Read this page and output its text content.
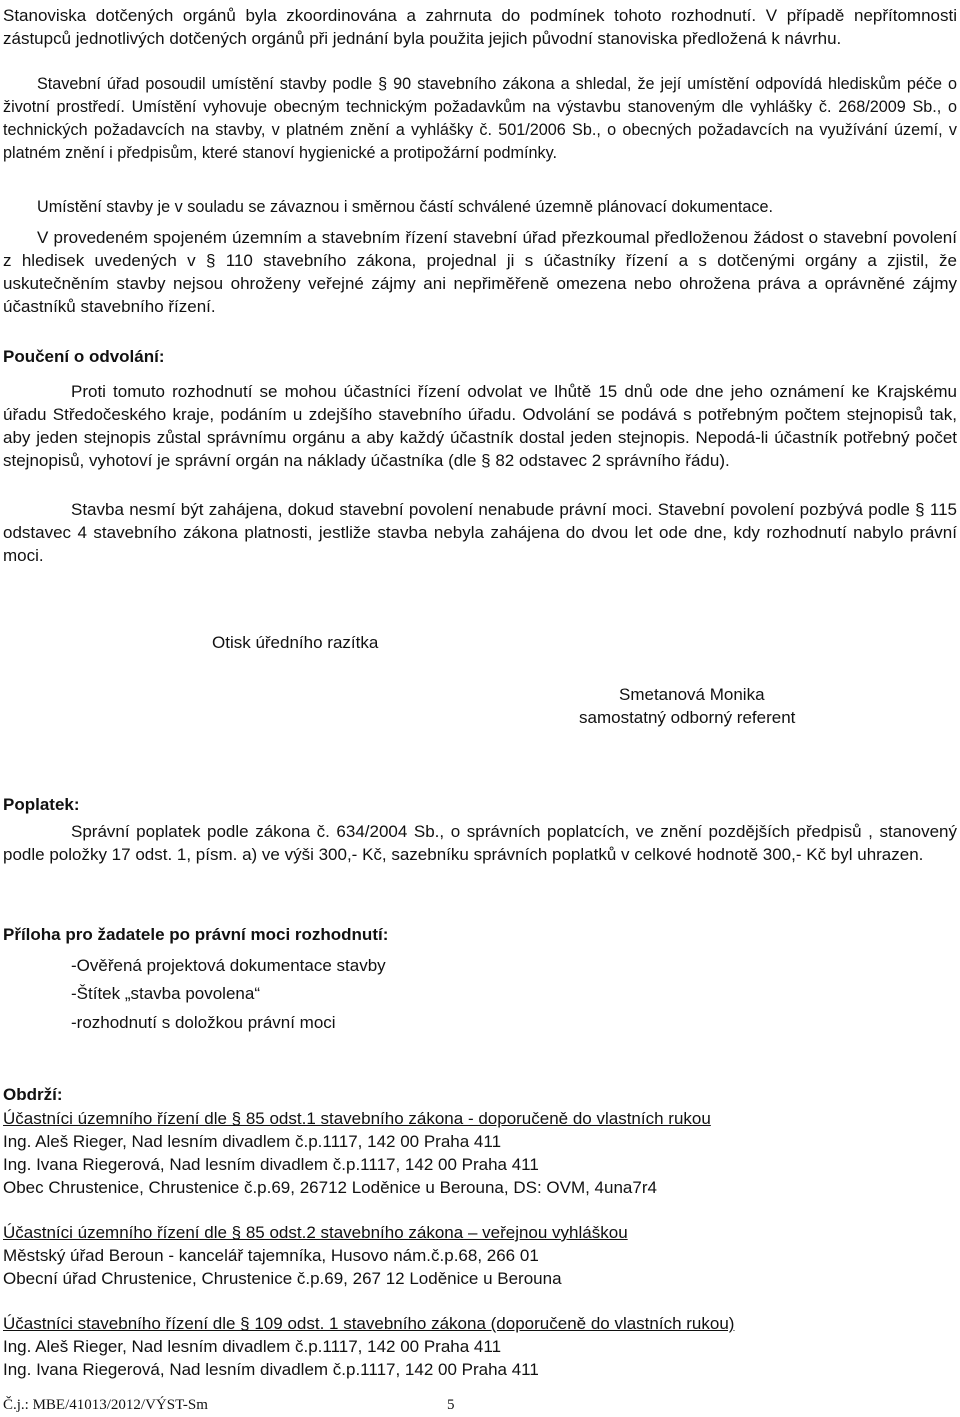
Stanoviska dotčených orgánů byla zkoordinována a zahrnuta do podmínek tohoto rozhodnutí. V případě nepřítomnosti zástupců jednotlivých dotčených orgánů při jednání byla použita jejich původní stanoviska předložená k návrhu.

Stavební úřad posoudil umístění stavby podle § 90 stavebního zákona a shledal, že její umístění odpovídá hlediskům péče o životní prostředí. Umístění vyhovuje obecným technickým požadavkům na výstavbu stanoveným dle vyhlášky č. 268/2009 Sb., o technických požadavcích na stavby, v platném znění a vyhlášky č. 501/2006 Sb., o obecných požadavcích na využívání území, v platném znění i předpisům, které stanoví hygienické a protipožární podmínky.

Umístění stavby je v souladu se závaznou i směrnou částí schválené územně plánovací dokumentace.

V provedeném spojeném územním a stavebním řízení stavební úřad přezkoumal předloženou žádost o stavební povolení z hledisek uvedených v § 110 stavebního zákona, projednal ji s účastníky řízení a s dotčenými orgány a zjistil, že uskutečněním stavby nejsou ohroženy veřejné zájmy ani nepřiměřeně omezena nebo ohrožena práva a oprávněné zájmy účastníků stavebního řízení.

Poučení o odvolání:

Proti tomuto rozhodnutí se mohou účastníci řízení odvolat ve lhůtě 15 dnů ode dne jeho oznámení ke Krajskému úřadu Středočeského kraje, podáním u zdejšího stavebního úřadu. Odvolání se podává s potřebným počtem stejnopisů tak, aby jeden stejnopis zůstal správnímu orgánu a aby každý účastník dostal jeden stejnopis. Nepodá-li účastník potřebný počet stejnopisů, vyhotoví je správní orgán na náklady účastníka (dle § 82 odstavec 2 správního řádu).

Stavba nesmí být zahájena, dokud stavební povolení nenabude právní moci. Stavební povolení pozbývá podle § 115 odstavec 4 stavebního zákona platnosti, jestliže stavba nebyla zahájena do dvou let ode dne, kdy rozhodnutí nabylo právní moci.

Otisk úředního razítka
Smetanová Monika
samostatný odborný referent
Poplatek:

Správní poplatek podle zákona č. 634/2004 Sb., o správních poplatcích, ve znění pozdějších předpisů , stanovený podle položky 17 odst. 1, písm. a) ve výši 300,- Kč, sazebníku správních poplatků v celkové hodnotě 300,- Kč byl uhrazen.

Příloha pro žadatele po právní moci rozhodnutí:
-Ověřená projektová dokumentace stavby
-Štítek „stavba povolena“
-rozhodnutí s doložkou právní moci
Obdrží:
Účastníci územního řízení dle § 85 odst.1 stavebního zákona - doporučeně do vlastních rukou
Ing. Aleš Rieger, Nad lesním divadlem č.p.1117, 142 00 Praha 411
Ing. Ivana Riegerová, Nad lesním divadlem č.p.1117, 142 00 Praha 411
Obec Chrustenice, Chrustenice č.p.69, 26712 Loděnice u Berouna, DS: OVM, 4una7r4
Účastníci územního řízení dle § 85 odst.2 stavebního zákona – veřejnou vyhláškou
Městský úřad Beroun - kancelář tajemníka, Husovo nám.č.p.68, 266 01
Obecní úřad Chrustenice, Chrustenice č.p.69, 267 12 Loděnice u Berouna
Účastníci stavebního řízení dle § 109 odst. 1 stavebního zákona (doporučeně do vlastních rukou)
Ing. Aleš Rieger, Nad lesním divadlem č.p.1117, 142 00 Praha 411
Ing. Ivana Riegerová, Nad lesním divadlem č.p.1117, 142 00 Praha 411
Č.j.: MBE/41013/2012/VÝST-Sm	5
